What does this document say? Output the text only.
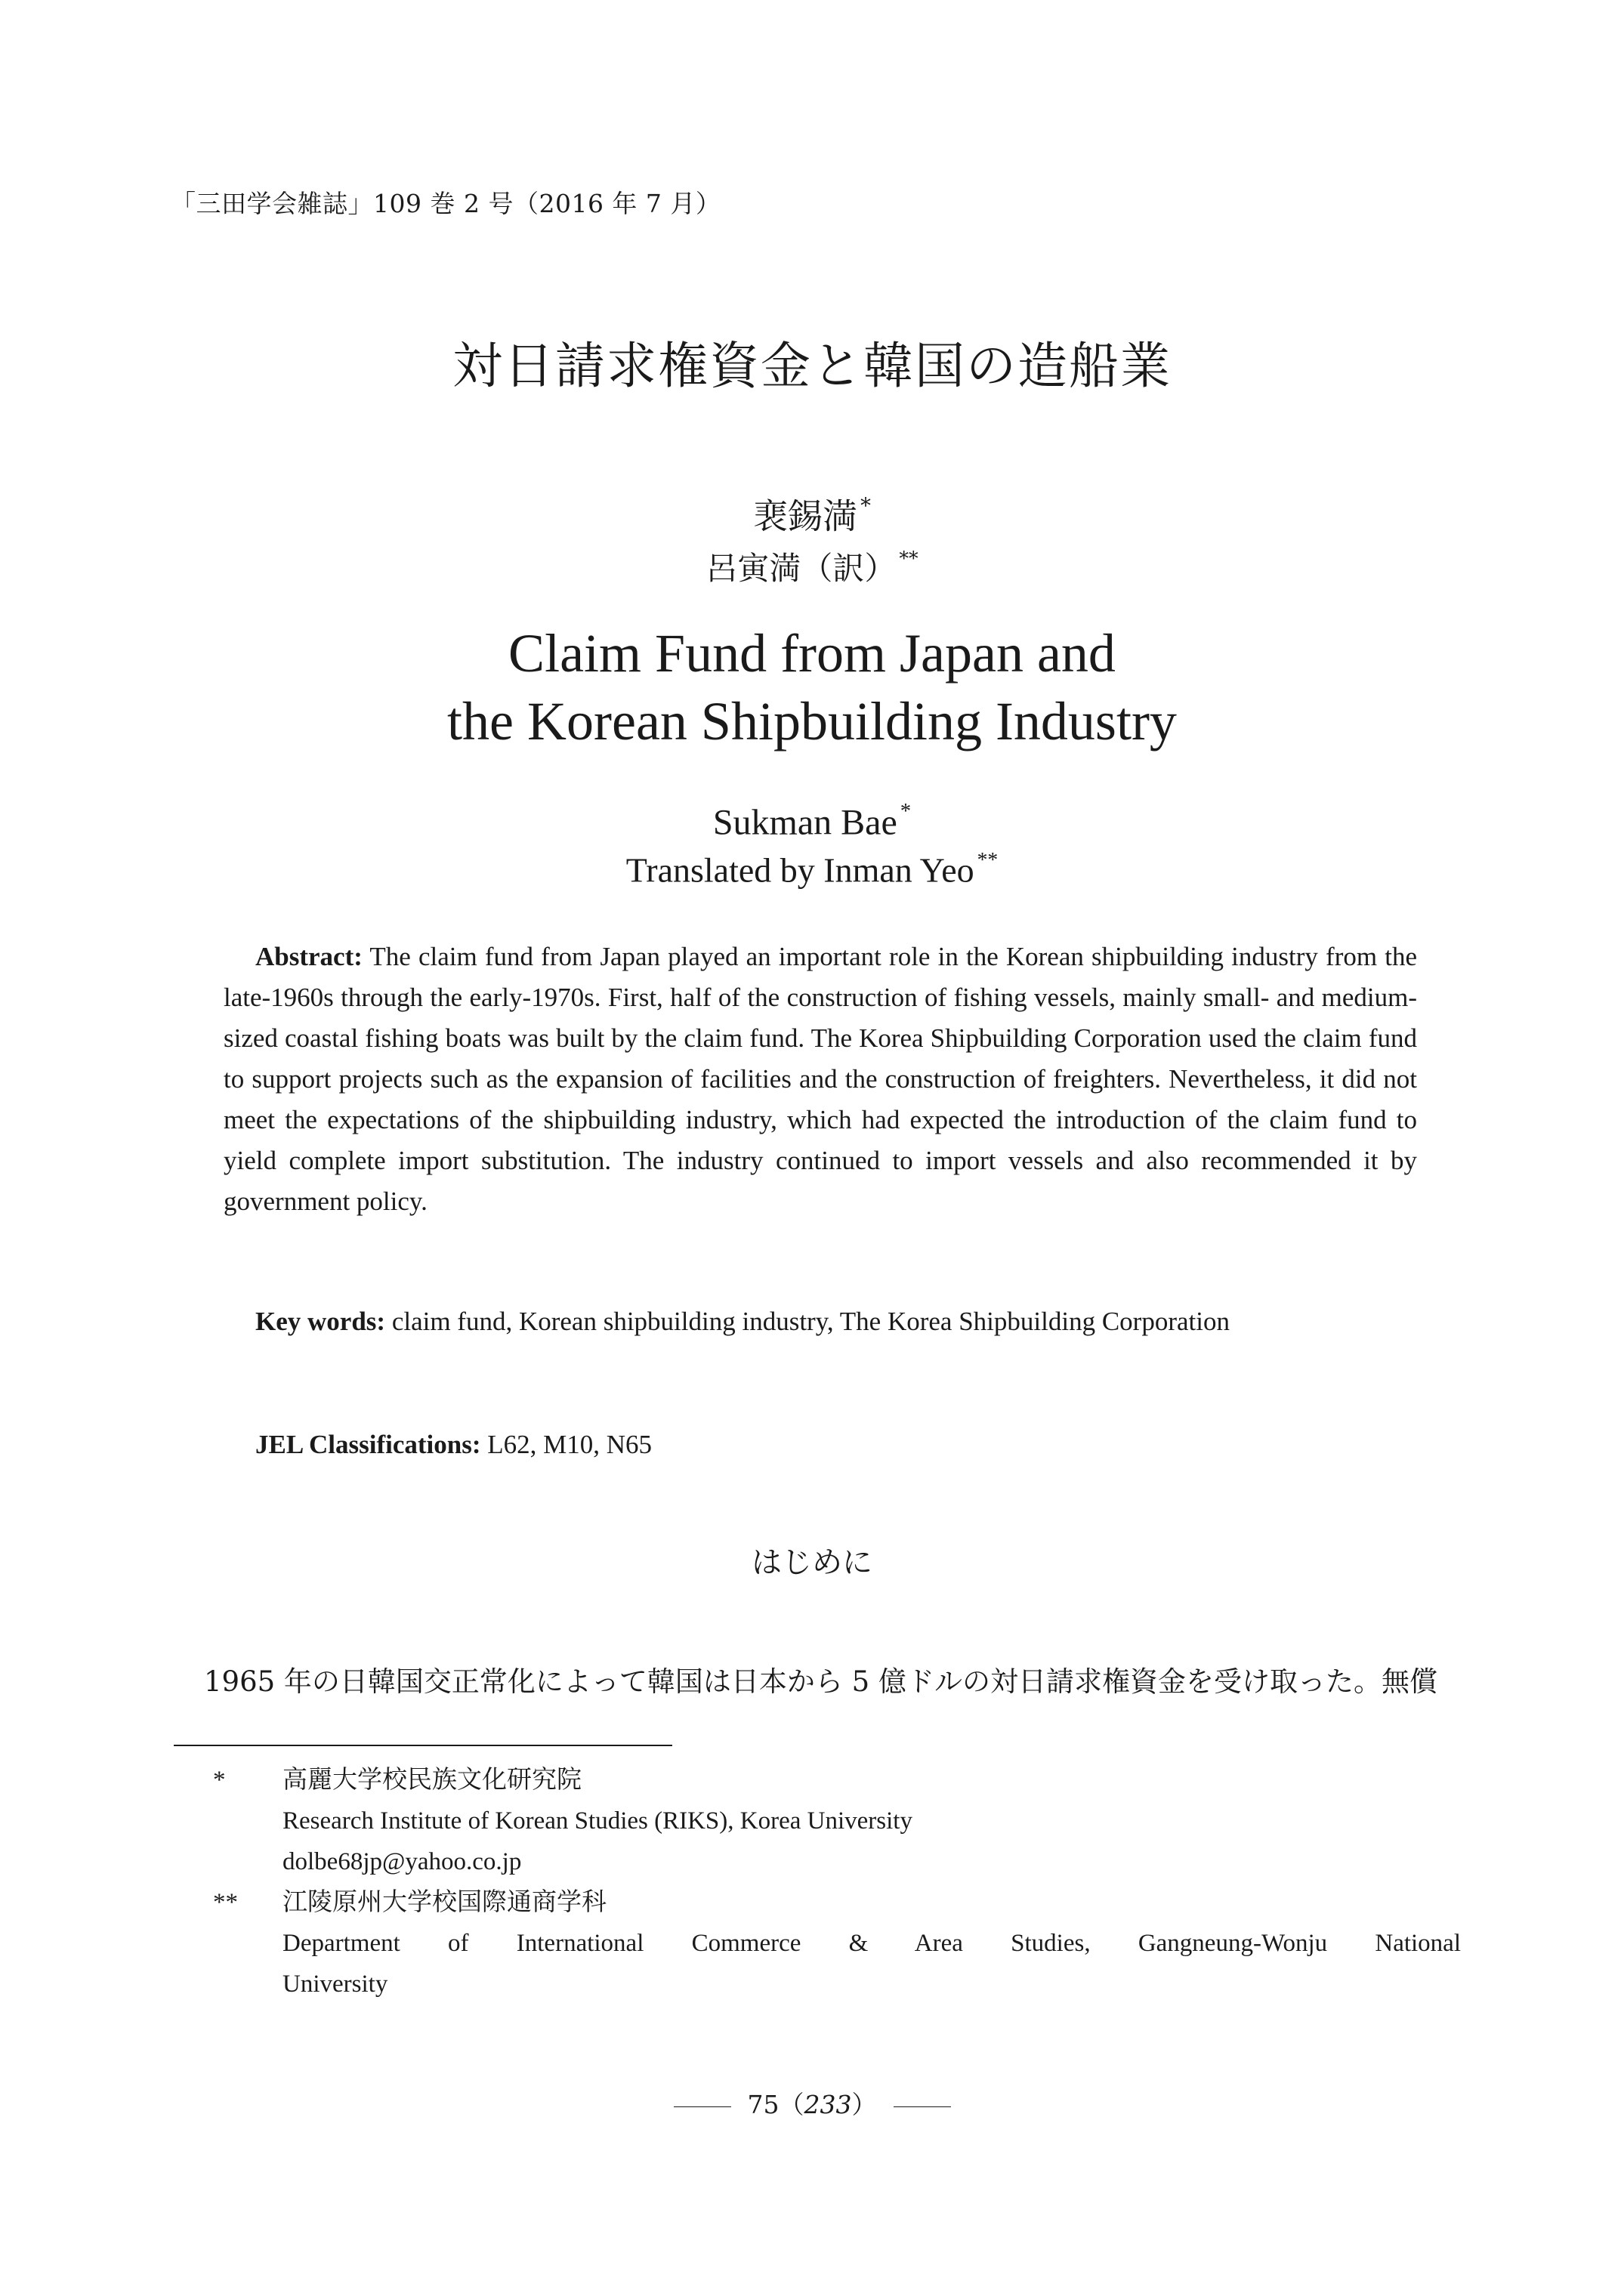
「三田学会雑誌」109 巻 2 号（2016 年 7 月）
対日請求権資金と韓国の造船業
裵錫満 *
呂寅満（訳） **
Claim Fund from Japan and
the Korean Shipbuilding Industry
Sukman Bae *
Translated by Inman Yeo **
Abstract: The claim fund from Japan played an important role in the Korean shipbuilding industry from the late-1960s through the early-1970s. First, half of the construction of fishing vessels, mainly small- and medium-sized coastal fishing boats was built by the claim fund. The Korea Shipbuilding Corporation used the claim fund to support projects such as the expansion of facilities and the construction of freighters. Nevertheless, it did not meet the expectations of the shipbuilding industry, which had expected the introduction of the claim fund to yield complete import substitution. The industry continued to import vessels and also recommended it by government policy.
Key words: claim fund, Korean shipbuilding industry, The Korea Shipbuilding Corporation
JEL Classifications: L62, M10, N65
はじめに
1965 年の日韓国交正常化によって韓国は日本から 5 億ドルの対日請求権資金を受け取った。無償
* 高麗大学校民族文化研究院
Research Institute of Korean Studies (RIKS), Korea University
dolbe68jp@yahoo.co.jp
** 江陵原州大学校国際通商学科
Department of International Commerce & Area Studies, Gangneung-Wonju National
University
75（233）
